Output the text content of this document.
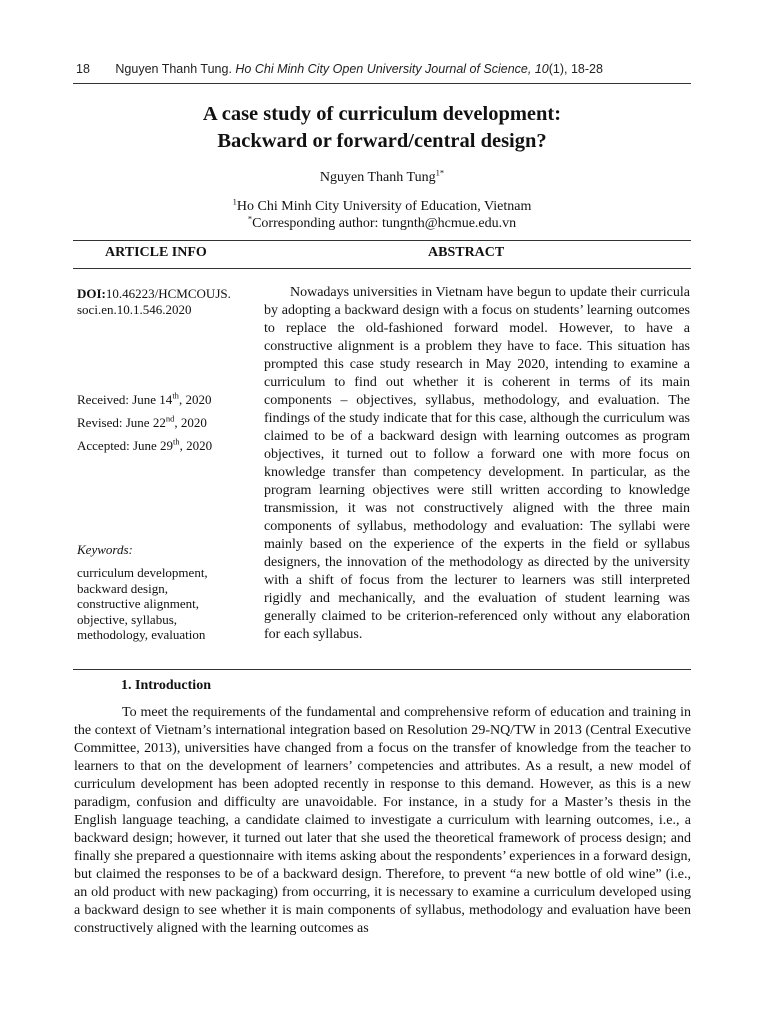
18 Nguyen Thanh Tung. Ho Chi Minh City Open University Journal of Science, 10(1), 18-28
A case study of curriculum development:
Backward or forward/central design?
Nguyen Thanh Tung$^{1*}$
$^1$Ho Chi Minh City University of Education, Vietnam
*Corresponding author: tungnth@hcmue.edu.vn
ARTICLE INFO	ABSTRACT
DOI:10.46223/HCMCOUJS.
soci.en.10.1.546.2020
Received: June 14th, 2020
Revised: June 22nd, 2020
Accepted: June 29th, 2020
Keywords:
curriculum development,
backward design,
constructive alignment,
objective, syllabus,
methodology, evaluation

Nowadays universities in Vietnam have begun to update their curricula by adopting a backward design with a focus on students’ learning outcomes to replace the old-fashioned forward model. However, to have a constructive alignment is a problem they have to face. This situation has prompted this case study research in May 2020, intending to examine a curriculum to find out whether it is coherent in terms of its main components – objectives, syllabus, methodology, and evaluation. The findings of the study indicate that for this case, although the curriculum was claimed to be of a backward design with learning outcomes as program objectives, it turned out to follow a forward one with more focus on knowledge transfer than competency development. In particular, as the program learning objectives were still written according to knowledge transmission, it was not constructively aligned with the three main components of syllabus, methodology and evaluation: The syllabi were mainly based on the experience of the experts in the field or syllabus designers, the innovation of the methodology as directed by the university with a shift of focus from the lecturer to learners was still interpreted rigidly and mechanically, and the evaluation of student learning was generally claimed to be criterion-referenced only without any elaboration for each syllabus.

1. Introduction

To meet the requirements of the fundamental and comprehensive reform of education and training in the context of Vietnam’s international integration based on Resolution 29-NQ/TW in 2013 (Central Executive Committee, 2013), universities have changed from a focus on the transfer of knowledge from the teacher to learners to that on the development of learners’ competencies and attributes. As a result, a new model of curriculum development has been adopted recently in response to this demand. However, as this is a new paradigm, confusion and difficulty are unavoidable. For instance, in a study for a Master’s thesis in the English language teaching, a candidate claimed to investigate a curriculum with learning outcomes, i.e., a backward design; however, it turned out later that she used the theoretical framework of process design; and finally she prepared a questionnaire with items asking about the respondents’ experiences in a forward design, but claimed the responses to be of a backward design. Therefore, to prevent “a new bottle of old wine” (i.e., an old product with new packaging) from occurring, it is necessary to examine a curriculum developed using a backward design to see whether it is main components of syllabus, methodology and evaluation have been constructively aligned with the learning outcomes as
